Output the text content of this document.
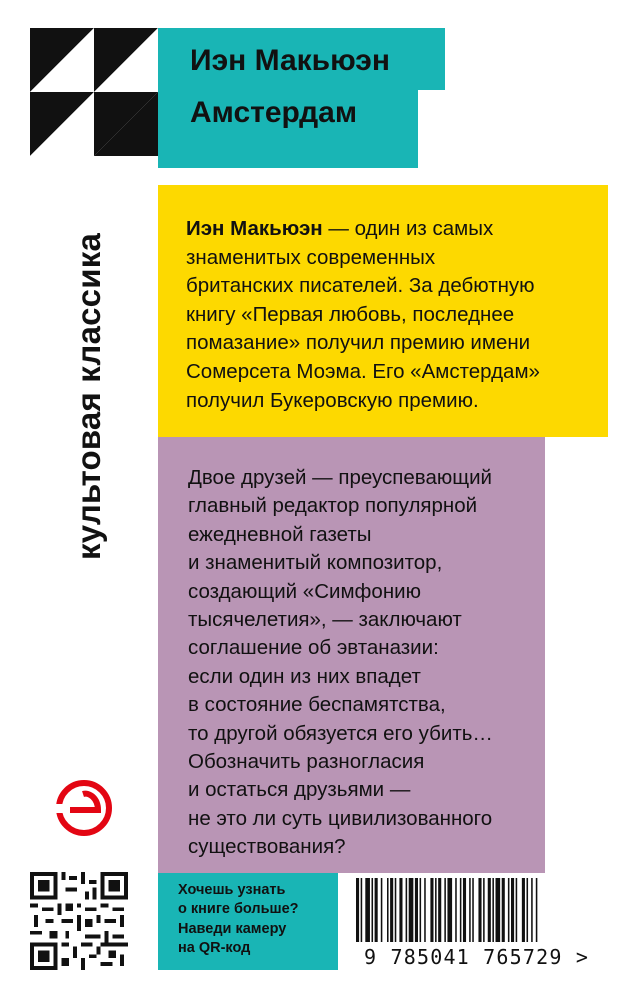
культовая классика
Иэн Макьюэн
Амстердам

Иэн Макьюэн — один из самых

знаменитых современных

британских писателей. За дебютную

книгу «Первая любовь, последнее

помазание» получил премию имени

Сомерсета Моэма. Его «Амстердам»

получил Букеровскую премию.

Двое друзей — преуспевающий

главный редактор популярной

ежедневной газеты

и знаменитый композитор,

создающий «Симфонию

тысячелетия», — заключают

соглашение об эвтаназии:

если один из них впадет

в состояние беспамятства,

то другой обязуется его убить…

Обозначить разногласия

и остаться друзьями —

не это ли суть цивилизованного

существования?

Хочешь узнать

о книге больше?

Наведи камеру

на QR-код	9 785041 765729 >
